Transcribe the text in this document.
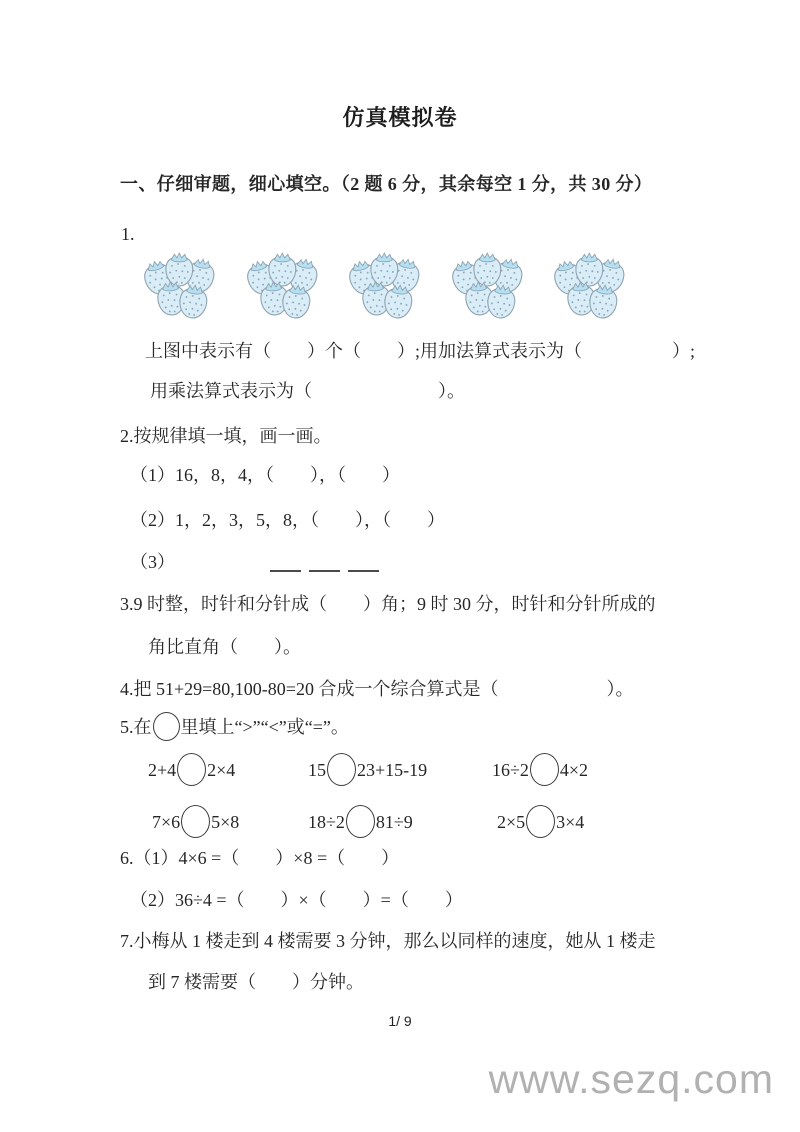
仿真模拟卷
一、仔细审题，细心填空。（2 题 6 分，其余每空 1 分，共 30 分）
1.
上图中表示有（　　）个（　　）;用加法算式表示为（　　　　　）;
用乘法算式表示为（　　　　　　　）。
2.按规律填一填，画一画。
（1）16，8，4，（　　），（　　）
（2）1，2，3，5，8，（　　），（　　）
（3）
3.9 时整，时针和分针成（　　）角；9 时 30 分，时针和分针所成的
角比直角（　　）。
4.把 51+29=80,100-80=20 合成一个综合算式是（　　　　　　）。
5.在 里填上“>”“<”或“=”。
2+4 2×4	15 23+15-19	16÷2 4×2
7×6 5×8	18÷2 81÷9	2×5 3×4
6.（1）4×6 =（　　）×8 =（　　）
（2）36÷4 =（　　）×（　　）=（　　）
7.小梅从 1 楼走到 4 楼需要 3 分钟，那么以同样的速度，她从 1 楼走
到 7 楼需要（　　）分钟。
1/ 9
www.sezq.com
